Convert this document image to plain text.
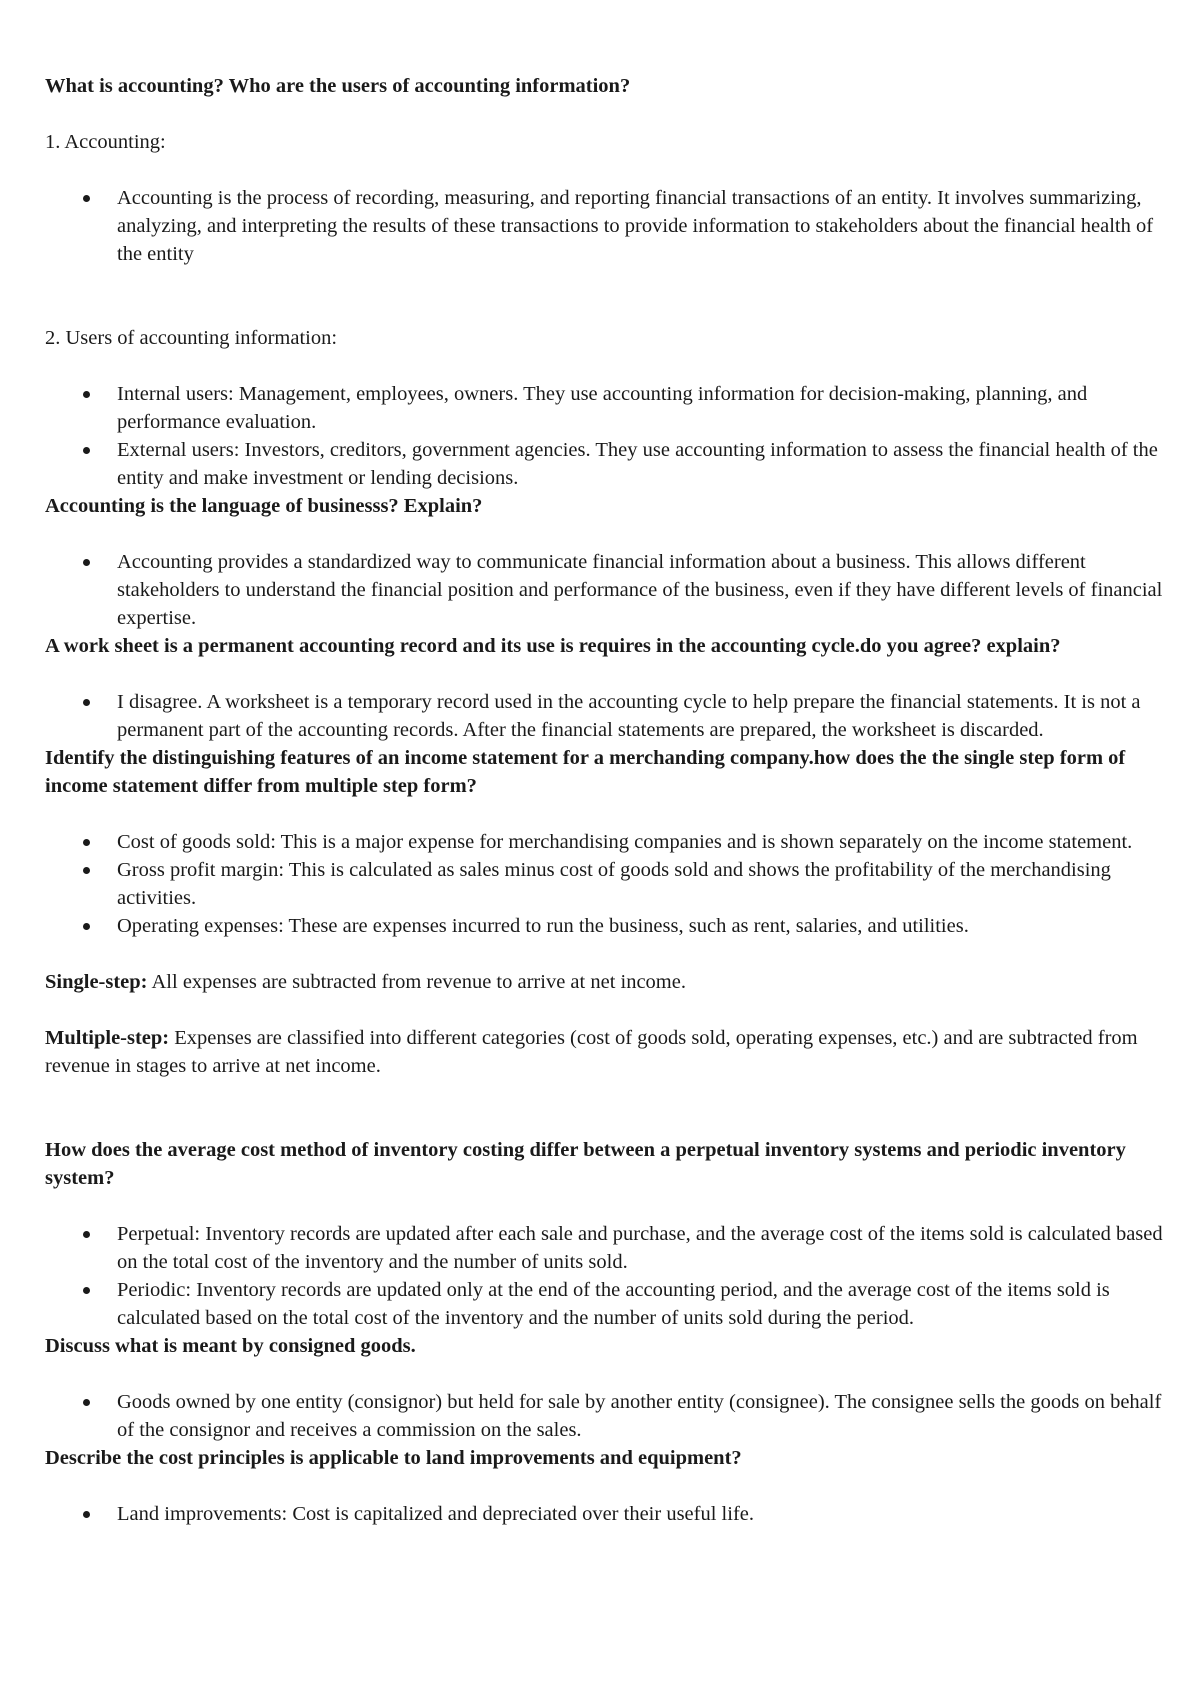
What is accounting? Who are the users of accounting information?

1. Accounting:

Accounting is the process of recording, measuring, and reporting financial transactions of an entity. It involves summarizing, analyzing, and interpreting the results of these transactions to provide information to stakeholders about the financial health of the entity

2. Users of accounting information:

Internal users: Management, employees, owners. They use accounting information for decision-making, planning, and performance evaluation.
External users: Investors, creditors, government agencies. They use accounting information to assess the financial health of the entity and make investment or lending decisions.

Accounting is the language of businesss? Explain?

Accounting provides a standardized way to communicate financial information about a business. This allows different stakeholders to understand the financial position and performance of the business, even if they have different levels of financial expertise.

A work sheet is a permanent accounting record and its use is requires in the accounting cycle.do you agree? explain?

I disagree. A worksheet is a temporary record used in the accounting cycle to help prepare the financial statements. It is not a permanent part of the accounting records. After the financial statements are prepared, the worksheet is discarded.

Identify the distinguishing features of an income statement for a merchanding company.how does the the single step form of income statement differ from multiple step form?

Cost of goods sold: This is a major expense for merchandising companies and is shown separately on the income statement.
Gross profit margin: This is calculated as sales minus cost of goods sold and shows the profitability of the merchandising activities.
Operating expenses: These are expenses incurred to run the business, such as rent, salaries, and utilities.

Single-step: All expenses are subtracted from revenue to arrive at net income.

Multiple-step: Expenses are classified into different categories (cost of goods sold, operating expenses, etc.) and are subtracted from revenue in stages to arrive at net income.

How does the average cost method of inventory costing differ between a perpetual inventory systems and periodic inventory system?

Perpetual: Inventory records are updated after each sale and purchase, and the average cost of the items sold is calculated based on the total cost of the inventory and the number of units sold.
Periodic: Inventory records are updated only at the end of the accounting period, and the average cost of the items sold is calculated based on the total cost of the inventory and the number of units sold during the period.

Discuss what is meant by consigned goods.

Goods owned by one entity (consignor) but held for sale by another entity (consignee). The consignee sells the goods on behalf of the consignor and receives a commission on the sales.

Describe the cost principles is applicable to land improvements and equipment?

Land improvements: Cost is capitalized and depreciated over their useful life.
